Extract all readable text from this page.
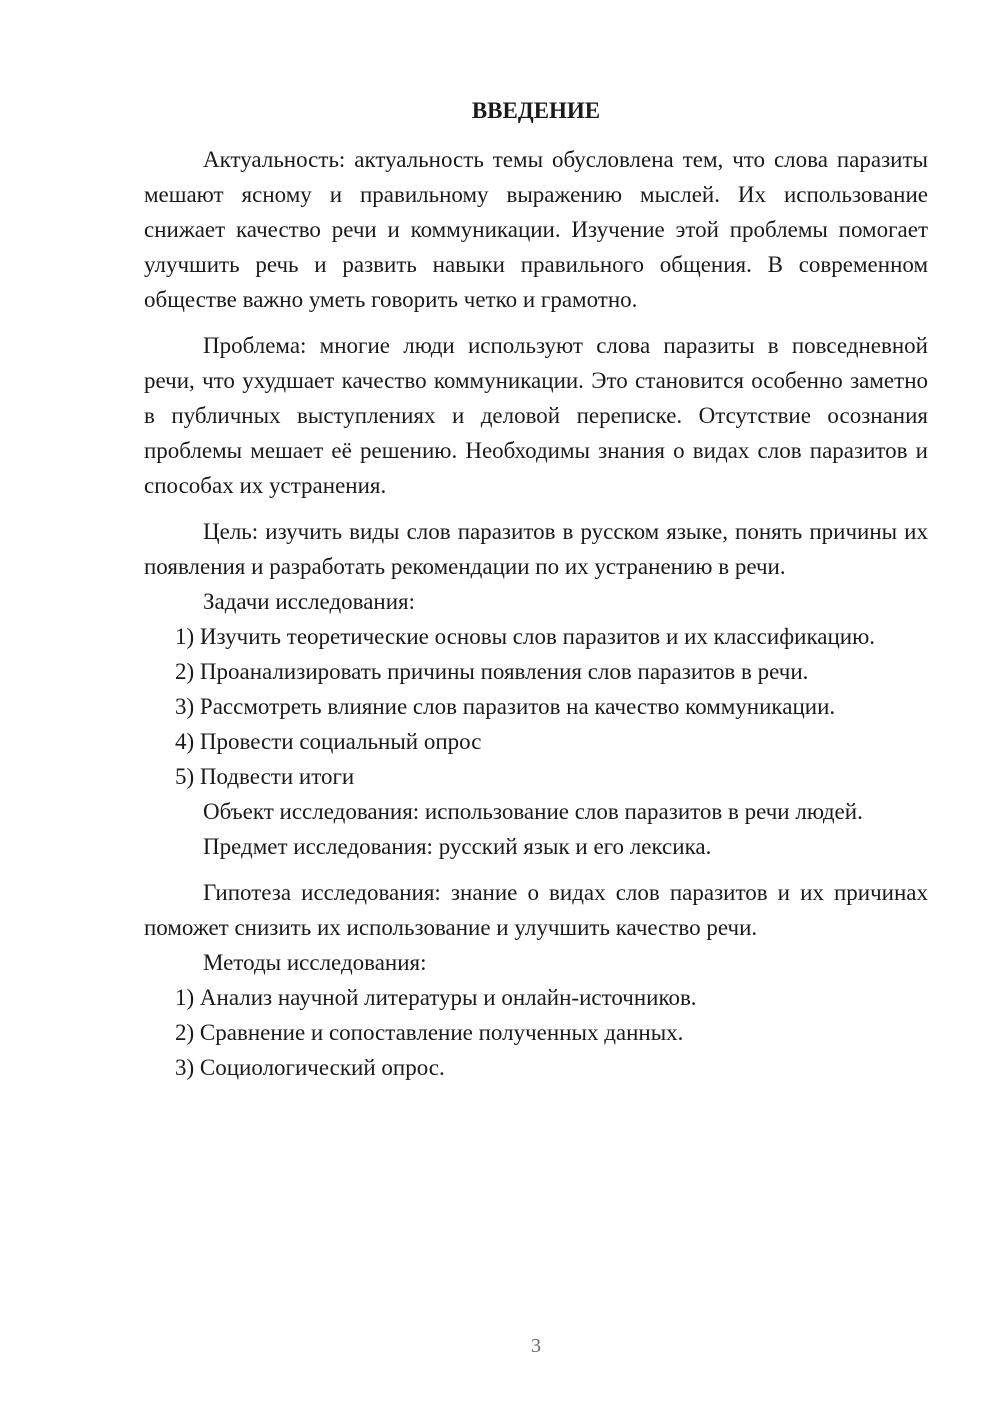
ВВЕДЕНИЕ

Актуальность: актуальность темы обусловлена тем, что слова паразиты мешают ясному и правильному выражению мыслей. Их использование снижает качество речи и коммуникации. Изучение этой проблемы помогает улучшить речь и развить навыки правильного общения. В современном обществе важно уметь говорить четко и грамотно.

Проблема: многие люди используют слова паразиты в повседневной речи, что ухудшает качество коммуникации. Это становится особенно заметно в публичных выступлениях и деловой переписке. Отсутствие осознания проблемы мешает её решению. Необходимы знания о видах слов паразитов и способах их устранения.

Цель: изучить виды слов паразитов в русском языке, понять причины их появления и разработать рекомендации по их устранению в речи.

Задачи исследования:

1) Изучить теоретические основы слов паразитов и их классификацию.

2) Проанализировать причины появления слов паразитов в речи.

3) Рассмотреть влияние слов паразитов на качество коммуникации.

4) Провести социальный опрос

5) Подвести итоги

Объект исследования: использование слов паразитов в речи людей.

Предмет исследования: русский язык и его лексика.

Гипотеза исследования: знание о видах слов паразитов и их причинах поможет снизить их использование и улучшить качество речи.

Методы исследования:

1) Анализ научной литературы и онлайн-источников.

2) Сравнение и сопоставление полученных данных.

3) Социологический опрос.

3
